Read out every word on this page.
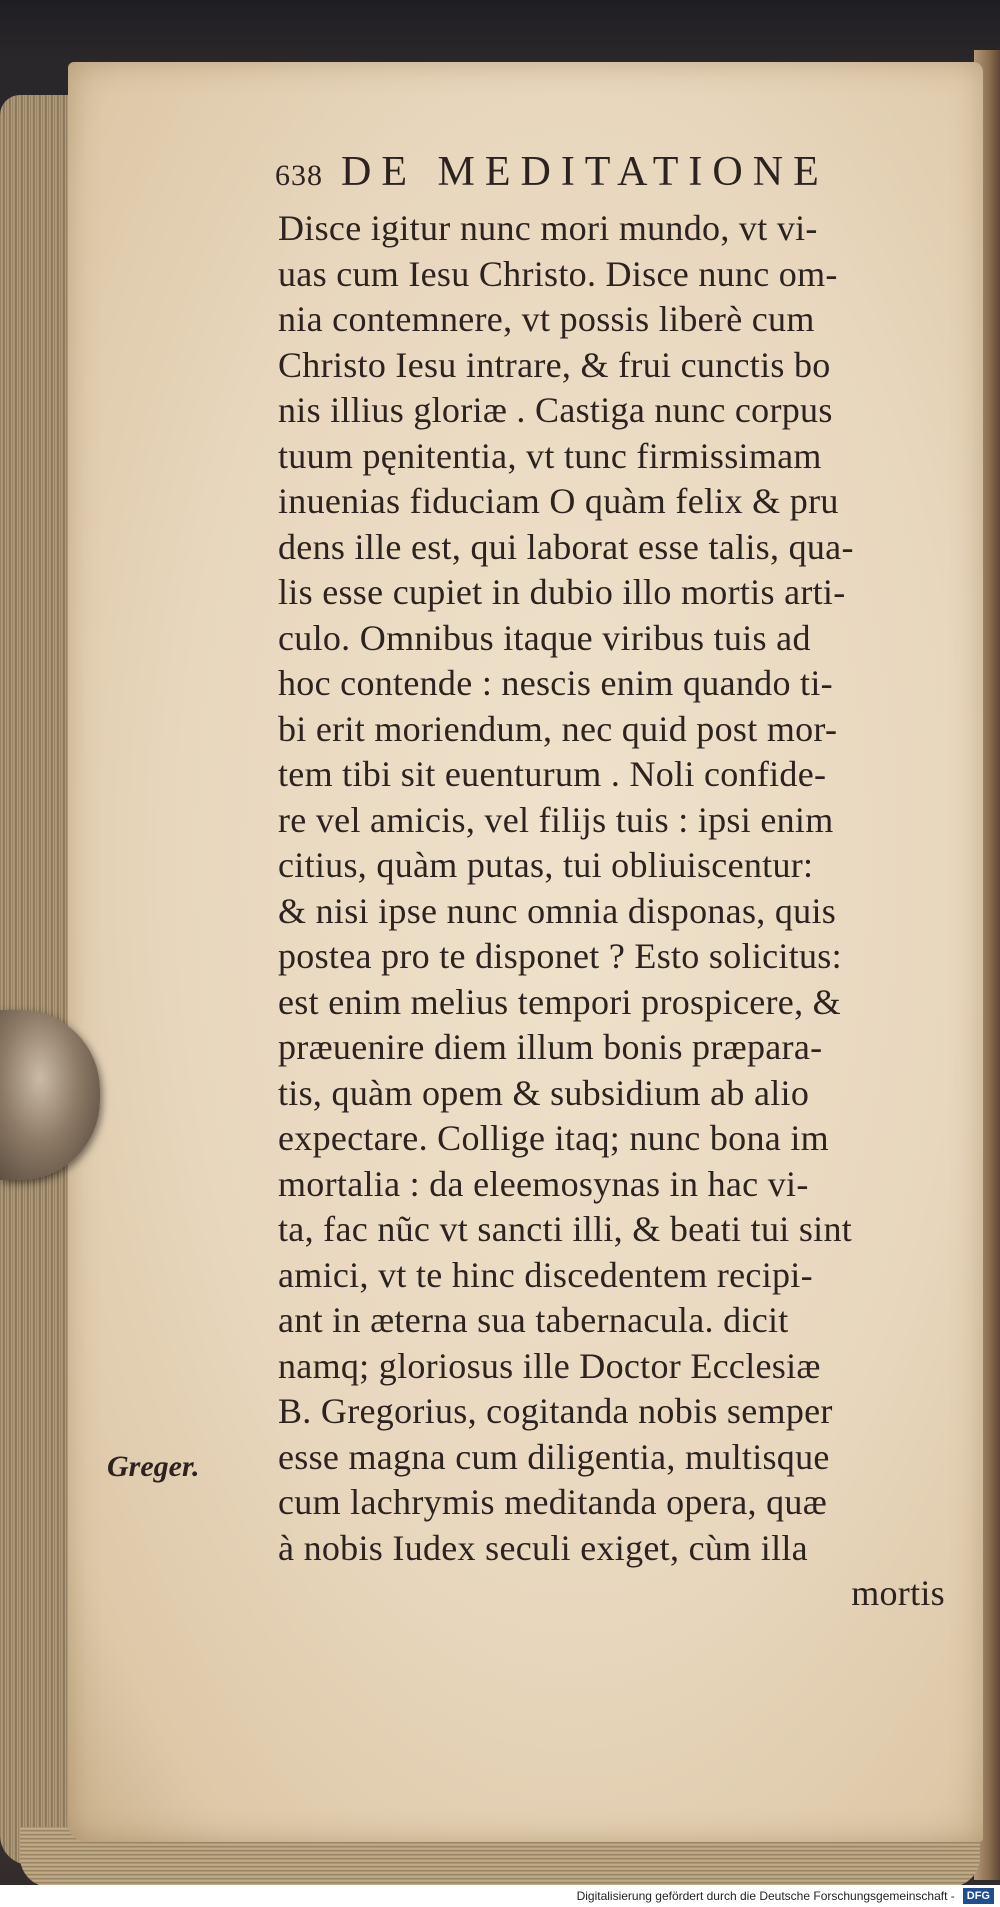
638 DE MEDITATIONE
Disce igitur nunc mori mundo, vt vi-
uas cum Iesu Christo. Disce nunc om-
nia contemnere, vt possis liberè cum
Christo Iesu intrare, & frui cunctis bo
nis illius gloriæ . Castiga nunc corpus
tuum pęnitentia, vt tunc firmissimam
inuenias fiduciam O quàm felix & pru
dens ille est, qui laborat esse talis, qua-
lis esse cupiet in dubio illo mortis arti-
culo. Omnibus itaque viribus tuis ad
hoc contende : nescis enim quando ti-
bi erit moriendum, nec quid post mor-
tem tibi sit euenturum . Noli confide-
re vel amicis, vel filijs tuis : ipsi enim
citius, quàm putas, tui obliuiscentur:
& nisi ipse nunc omnia disponas, quis
postea pro te disponet ? Esto solicitus:
est enim melius tempori prospicere, &
præuenire diem illum bonis præpara-
tis, quàm opem & subsidium ab alio
expectare. Collige itaq; nunc bona im
mortalia : da eleemosynas in hac vi-
ta, fac nũc vt sancti illi, & beati tui sint
amici, vt te hinc discedentem recipi-
ant in æterna sua tabernacula. dicit
namq; gloriosus ille Doctor Ecclesiæ
B. Gregorius, cogitanda nobis semper
esse magna cum diligentia, multisque
cum lachrymis meditanda opera, quæ
à nobis Iudex seculi exiget, cùm illa
mortis
Greger.
Digitalisierung gefördert durch die Deutsche Forschungsgemeinschaft -	DFG
